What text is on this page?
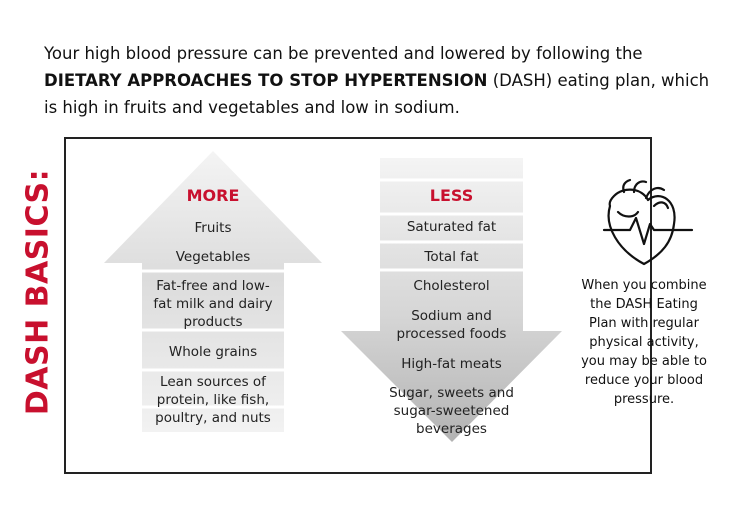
Your high blood pressure can be prevented and lowered by following the DIETARY APPROACHES TO STOP HYPERTENSION (DASH) eating plan, which is high in fruits and vegetables and low in sodium.
DASH BASICS:	MORE
Fruits
Vegetables
Fat-free and low-fat milk and dairy products
Whole grains
Lean sources of protein, like fish, poultry, and nuts
LESS
Saturated fat
Total fat
Cholesterol
Sodium and processed foods
High-fat meats
Sugar, sweets and sugar-sweetened beverages
When you combine the DASH Eating Plan with regular physical activity, you may be able to reduce your blood pressure.
